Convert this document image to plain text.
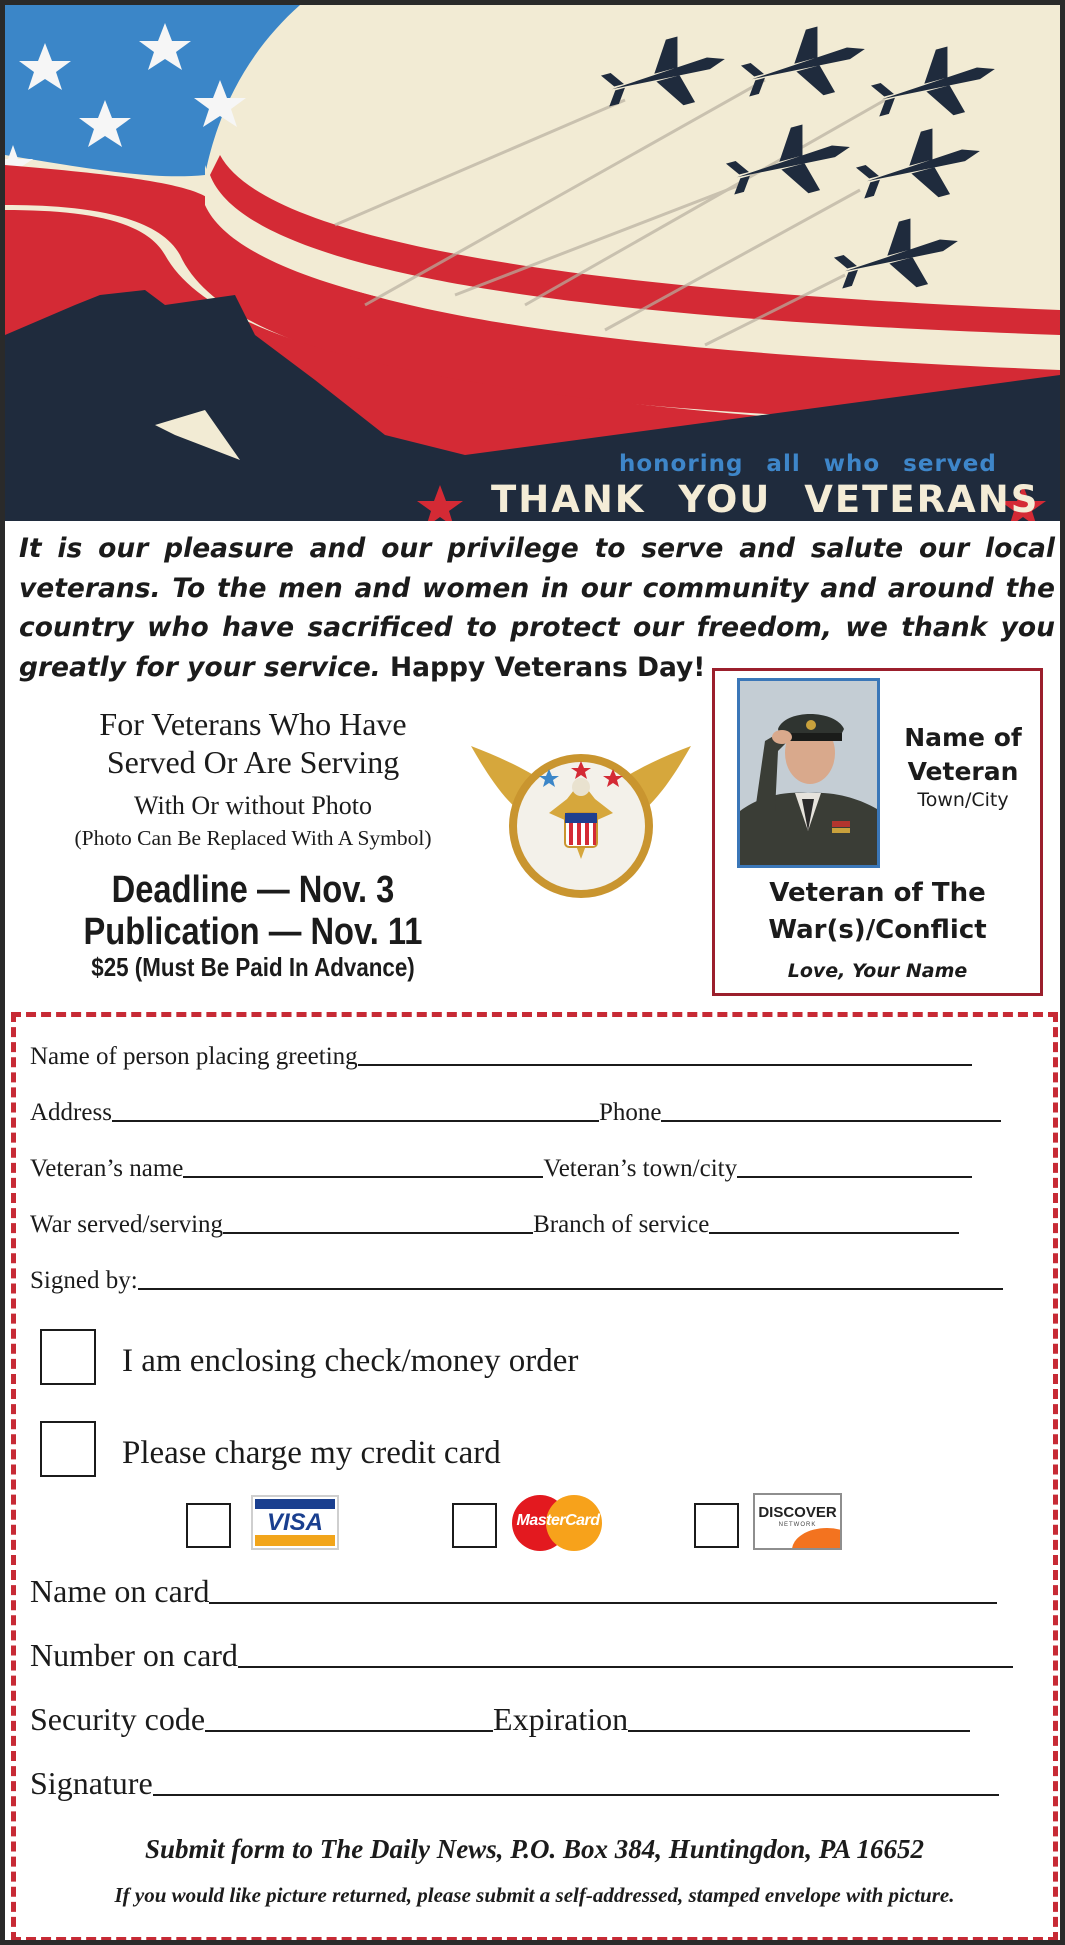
honoring all who served
THANK YOU VETERANS

It is our pleasure and our privilege to serve and salute our local veterans. To the men and women in our community and around the country who have sacrificed to protect our freedom, we thank you greatly for your service. Happy Veterans Day!

For Veterans Who Have
Served Or Are Serving
With Or without Photo
(Photo Can Be Replaced With A Symbol)
Deadline — Nov. 3
Publication — Nov. 11
$25 (Must Be Paid In Advance)
Name of
Veteran
Town/City
Veteran of The
War(s)/Conflict
Love, Your Name
Name of person placing greeting
Address	Phone
Veteran’s name	Veteran’s town/city
War served/serving	Branch of service
Signed by:
I am enclosing check/money order
Please charge my credit card
VISA	MasterCard	DISCOVER
NETWORK
Name on card
Number on card
Security code	Expiration
Signature
Submit form to The Daily News, P.O. Box 384, Huntingdon, PA 16652
If you would like picture returned, please submit a self-addressed, stamped envelope with picture.
